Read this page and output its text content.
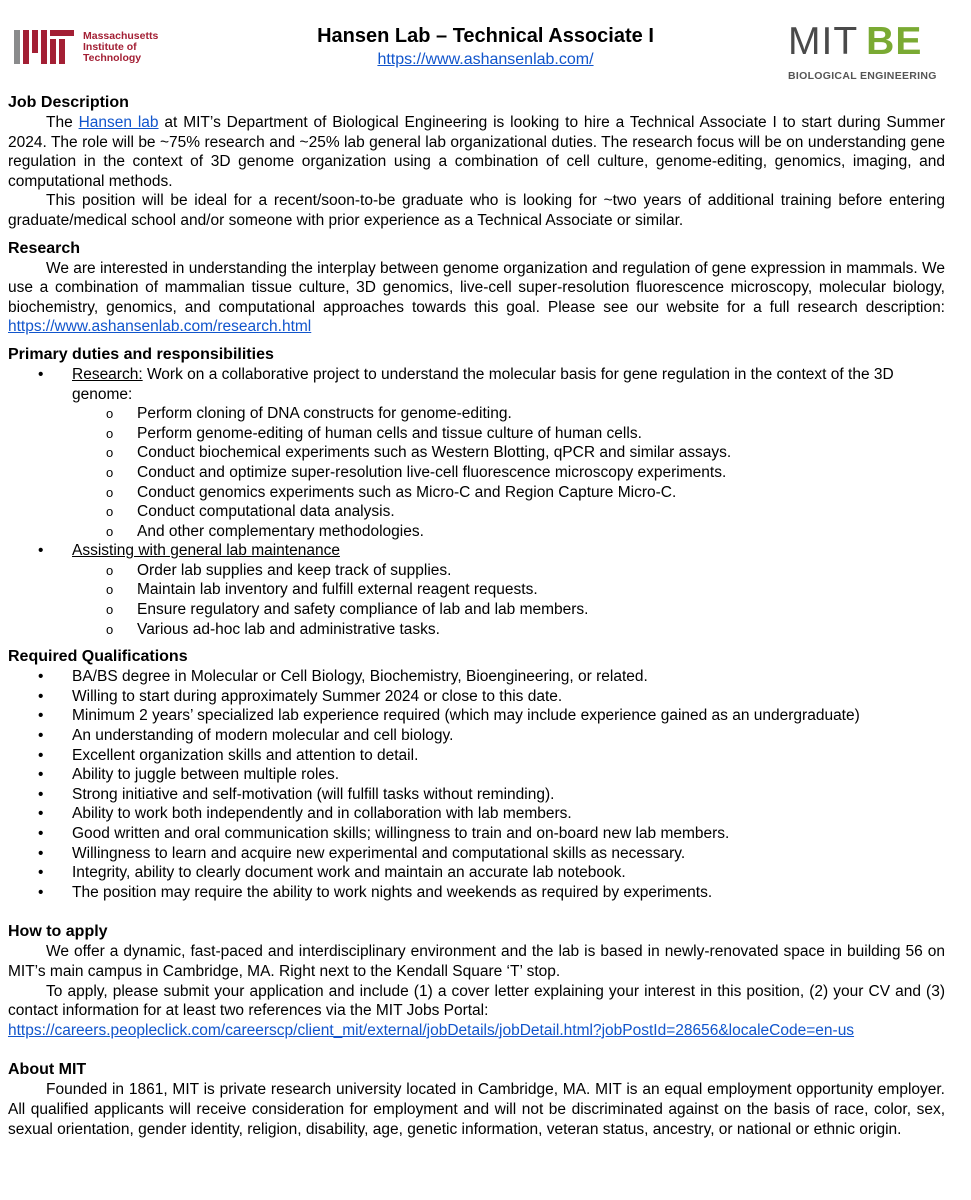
Massachusetts
Institute of
Technology
Hansen Lab – Technical Associate I
https://www.ashansenlab.com/	MIT BE
BIOLOGICAL ENGINEERING
Job Description

The Hansen lab at MIT’s Department of Biological Engineering is looking to hire a Technical Associate I to start during Summer 2024. The role will be ~75% research and ~25% lab general lab organizational duties. The research focus will be on understanding gene regulation in the context of 3D genome organization using a combination of cell culture, genome-editing, genomics, imaging, and computational methods.

This position will be ideal for a recent/soon-to-be graduate who is looking for ~two years of additional training before entering graduate/medical school and/or someone with prior experience as a Technical Associate or similar.

Research

We are interested in understanding the interplay between genome organization and regulation of gene expression in mammals. We use a combination of mammalian tissue culture, 3D genomics, live-cell super-resolution fluorescence microscopy, molecular biology, biochemistry, genomics, and computational approaches towards this goal. Please see our website for a full research description: https://www.ashansenlab.com/research.html

Primary duties and responsibilities
• Research: Work on a collaborative project to understand the molecular basis for gene regulation in the context of the 3D genome:
o Perform cloning of DNA constructs for genome-editing.
o Perform genome-editing of human cells and tissue culture of human cells.
o Conduct biochemical experiments such as Western Blotting, qPCR and similar assays.
o Conduct and optimize super-resolution live-cell fluorescence microscopy experiments.
o Conduct genomics experiments such as Micro-C and Region Capture Micro-C.
o Conduct computational data analysis.
o And other complementary methodologies.
• Assisting with general lab maintenance
o Order lab supplies and keep track of supplies.
o Maintain lab inventory and fulfill external reagent requests.
o Ensure regulatory and safety compliance of lab and lab members.
o Various ad-hoc lab and administrative tasks.
Required Qualifications
• BA/BS degree in Molecular or Cell Biology, Biochemistry, Bioengineering, or related.
• Willing to start during approximately Summer 2024 or close to this date.
• Minimum 2 years’ specialized lab experience required (which may include experience gained as an undergraduate)
• An understanding of modern molecular and cell biology.
• Excellent organization skills and attention to detail.
• Ability to juggle between multiple roles.
• Strong initiative and self-motivation (will fulfill tasks without reminding).
• Ability to work both independently and in collaboration with lab members.
• Good written and oral communication skills; willingness to train and on-board new lab members.
• Willingness to learn and acquire new experimental and computational skills as necessary.
• Integrity, ability to clearly document work and maintain an accurate lab notebook.
• The position may require the ability to work nights and weekends as required by experiments.
How to apply

We offer a dynamic, fast-paced and interdisciplinary environment and the lab is based in newly-renovated space in building 56 on MIT’s main campus in Cambridge, MA. Right next to the Kendall Square ‘T’ stop.

To apply, please submit your application and include (1) a cover letter explaining your interest in this position, (2) your CV and (3) contact information for at least two references via the MIT Jobs Portal:

https://careers.peopleclick.com/careerscp/client_mit/external/jobDetails/jobDetail.html?jobPostId=28656&localeCode=en-us
About MIT

Founded in 1861, MIT is private research university located in Cambridge, MA. MIT is an equal employment opportunity employer. All qualified applicants will receive consideration for employment and will not be discriminated against on the basis of race, color, sex, sexual orientation, gender identity, religion, disability, age, genetic information, veteran status, ancestry, or national or ethnic origin.
